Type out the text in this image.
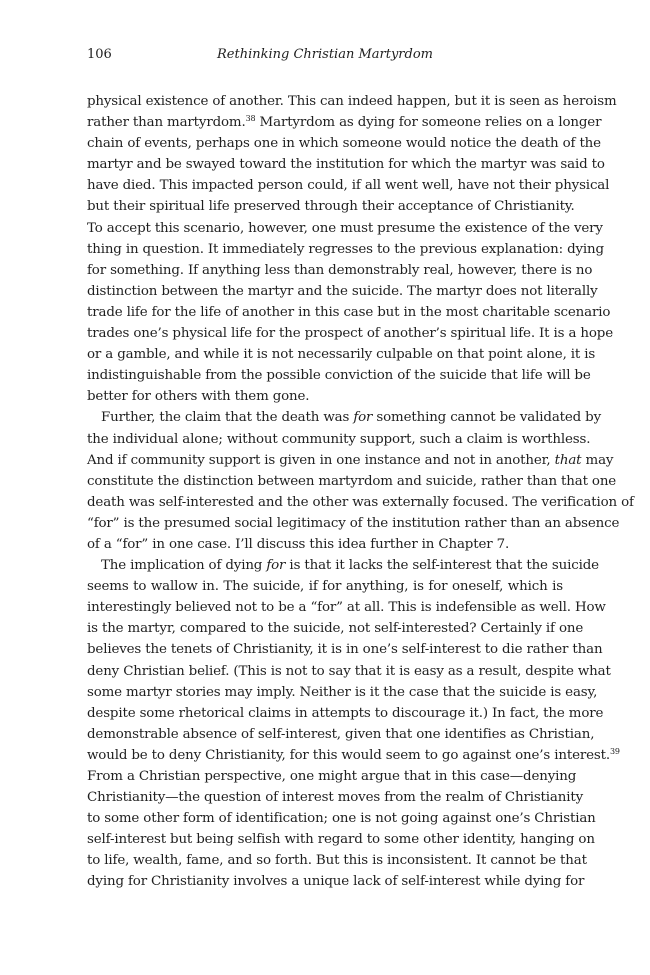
106	Rethinking Christian Martyrdom
physical existence of another. This can indeed happen, but it is seen as heroism
rather than martyrdom.$^{38}$ Martyrdom as dying for someone relies on a longer
chain of events, perhaps one in which someone would notice the death of the
martyr and be swayed toward the institution for which the martyr was said to
have died. This impacted person could, if all went well, have not their physical
but their spiritual life preserved through their acceptance of Christianity.
To accept this scenario, however, one must presume the existence of the very
thing in question. It immediately regresses to the previous explanation: dying
for something. If anything less than demonstrably real, however, there is no
distinction between the martyr and the suicide. The martyr does not literally
trade life for the life of another in this case but in the most charitable scenario
trades one’s physical life for the prospect of another’s spiritual life. It is a hope
or a gamble, and while it is not necessarily culpable on that point alone, it is
indistinguishable from the possible conviction of the suicide that life will be
better for others with them gone.
Further, the claim that the death was for something cannot be validated by
the individual alone; without community support, such a claim is worthless.
And if community support is given in one instance and not in another, that may
constitute the distinction between martyrdom and suicide, rather than that one
death was self-interested and the other was externally focused. The verification of
“for” is the presumed social legitimacy of the institution rather than an absence
of a “for” in one case. I’ll discuss this idea further in Chapter 7.
The implication of dying for is that it lacks the self-interest that the suicide
seems to wallow in. The suicide, if for anything, is for oneself, which is
interestingly believed not to be a “for” at all. This is indefensible as well. How
is the martyr, compared to the suicide, not self-interested? Certainly if one
believes the tenets of Christianity, it is in one’s self-interest to die rather than
deny Christian belief. (This is not to say that it is easy as a result, despite what
some martyr stories may imply. Neither is it the case that the suicide is easy,
despite some rhetorical claims in attempts to discourage it.) In fact, the more
demonstrable absence of self-interest, given that one identifies as Christian,
would be to deny Christianity, for this would seem to go against one’s interest.$^{39}$
From a Christian perspective, one might argue that in this case—denying
Christianity—the question of interest moves from the realm of Christianity
to some other form of identification; one is not going against one’s Christian
self-interest but being selfish with regard to some other identity, hanging on
to life, wealth, fame, and so forth. But this is inconsistent. It cannot be that
dying for Christianity involves a unique lack of self-interest while dying for
